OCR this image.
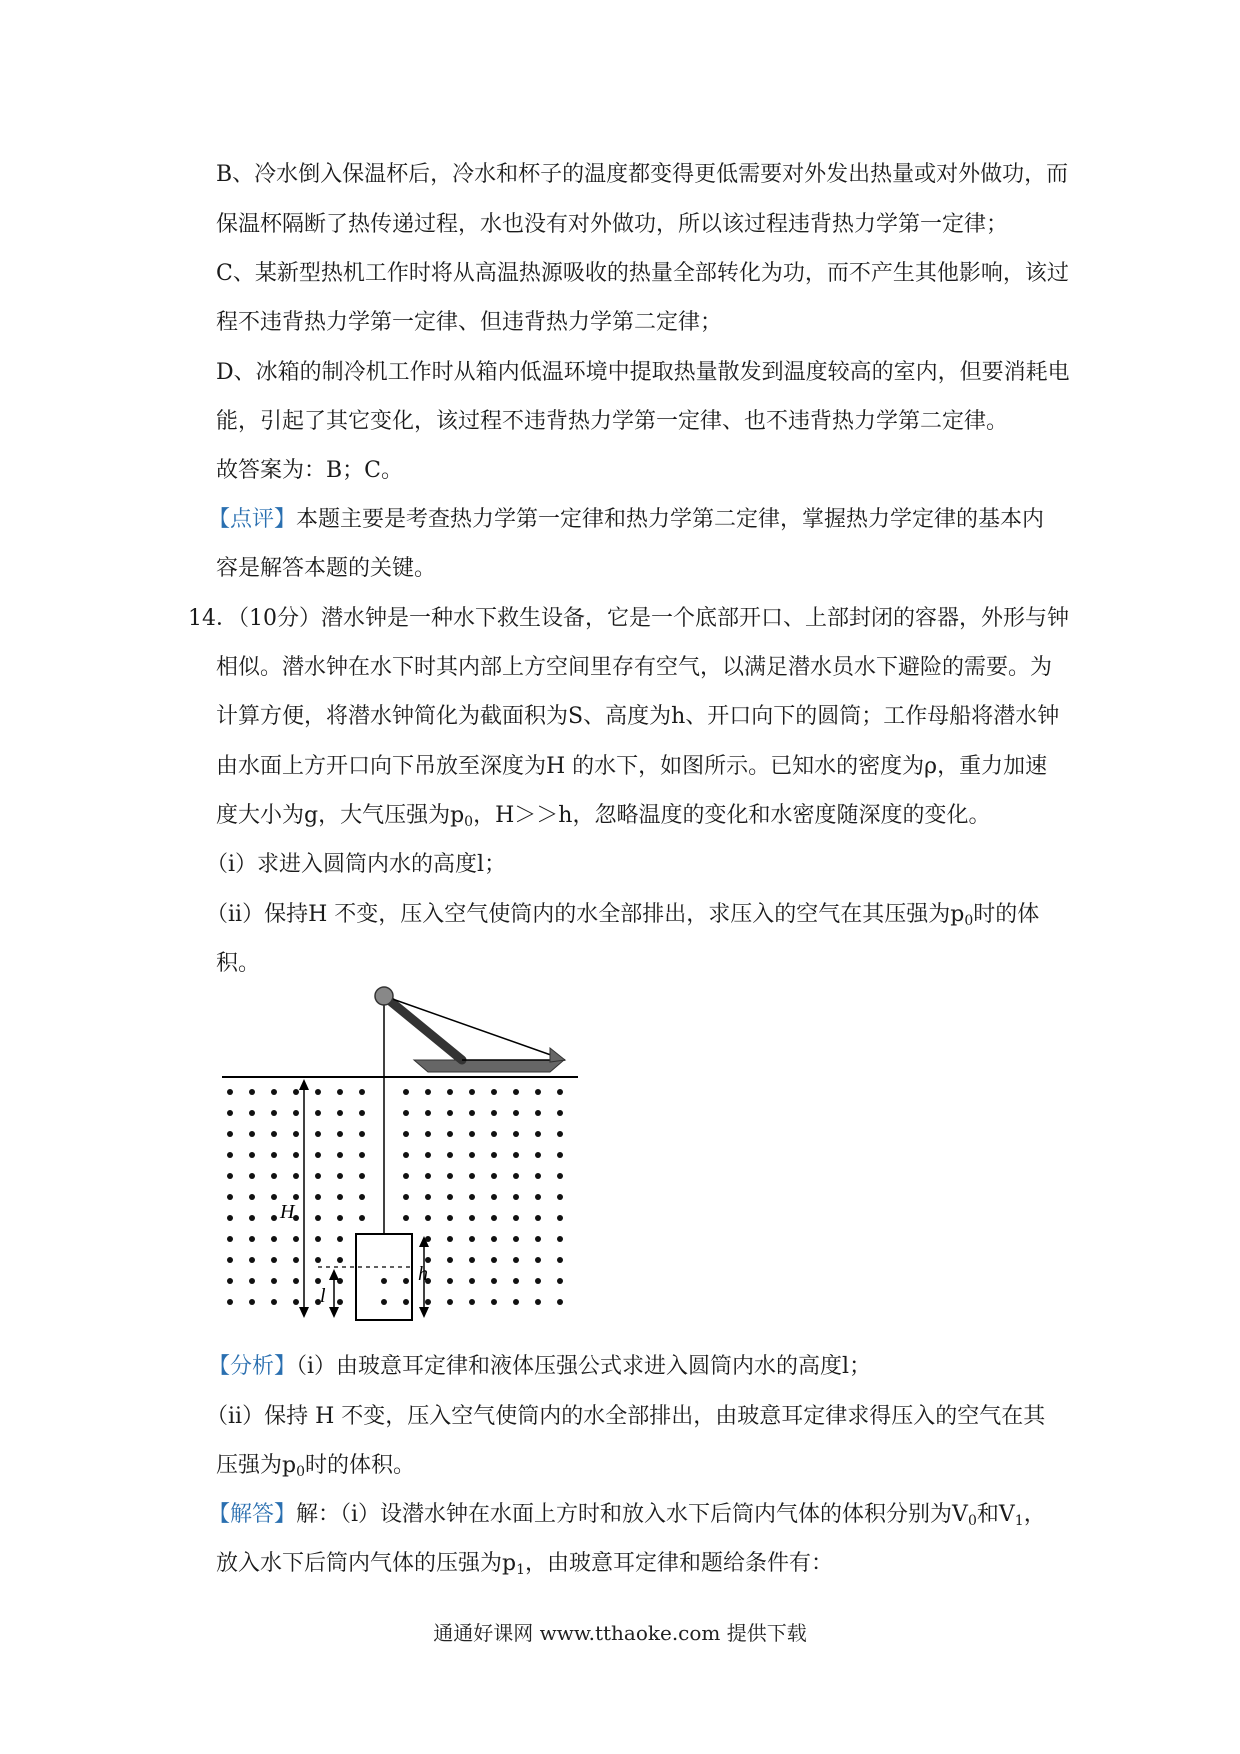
B、冷水倒入保温杯后，冷水和杯子的温度都变得更低需要对外发出热量或对外做功，而
保温杯隔断了热传递过程，水也没有对外做功，所以该过程违背热力学第一定律；
C、某新型热机工作时将从高温热源吸收的热量全部转化为功，而不产生其他影响，该过
程不违背热力学第一定律、但违背热力学第二定律；
D、冰箱的制冷机工作时从箱内低温环境中提取热量散发到温度较高的室内，但要消耗电
能，引起了其它变化，该过程不违背热力学第一定律、也不违背热力学第二定律。
故答案为：B；C。
【点评】本题主要是考查热力学第一定律和热力学第二定律，掌握热力学定律的基本内
容是解答本题的关键。
14．（10分）潜水钟是一种水下救生设备，它是一个底部开口、上部封闭的容器，外形与钟
相似。潜水钟在水下时其内部上方空间里存有空气，以满足潜水员水下避险的需要。为
计算方便，将潜水钟简化为截面积为S、高度为h、开口向下的圆筒；工作母船将潜水钟
由水面上方开口向下吊放至深度为H 的水下，如图所示。已知水的密度为ρ，重力加速
度大小为g，大气压强为$p_0$，H＞＞h，忽略温度的变化和水密度随深度的变化。
（i）求进入圆筒内水的高度l；
（ii）保持H 不变，压入空气使筒内的水全部排出，求压入的空气在其压强为$p_0$时的体
积。
H
h
l
【分析】（i）由玻意耳定律和液体压强公式求进入圆筒内水的高度l；
（ii）保持 H 不变，压入空气使筒内的水全部排出，由玻意耳定律求得压入的空气在其
压强为$p_0$时的体积。
【解答】解：（i）设潜水钟在水面上方时和放入水下后筒内气体的体积分别为$V_0$和$V_1$，
放入水下后筒内气体的压强为$p_1$，由玻意耳定律和题给条件有：
通通好课网 www.tthaoke.com 提供下载
